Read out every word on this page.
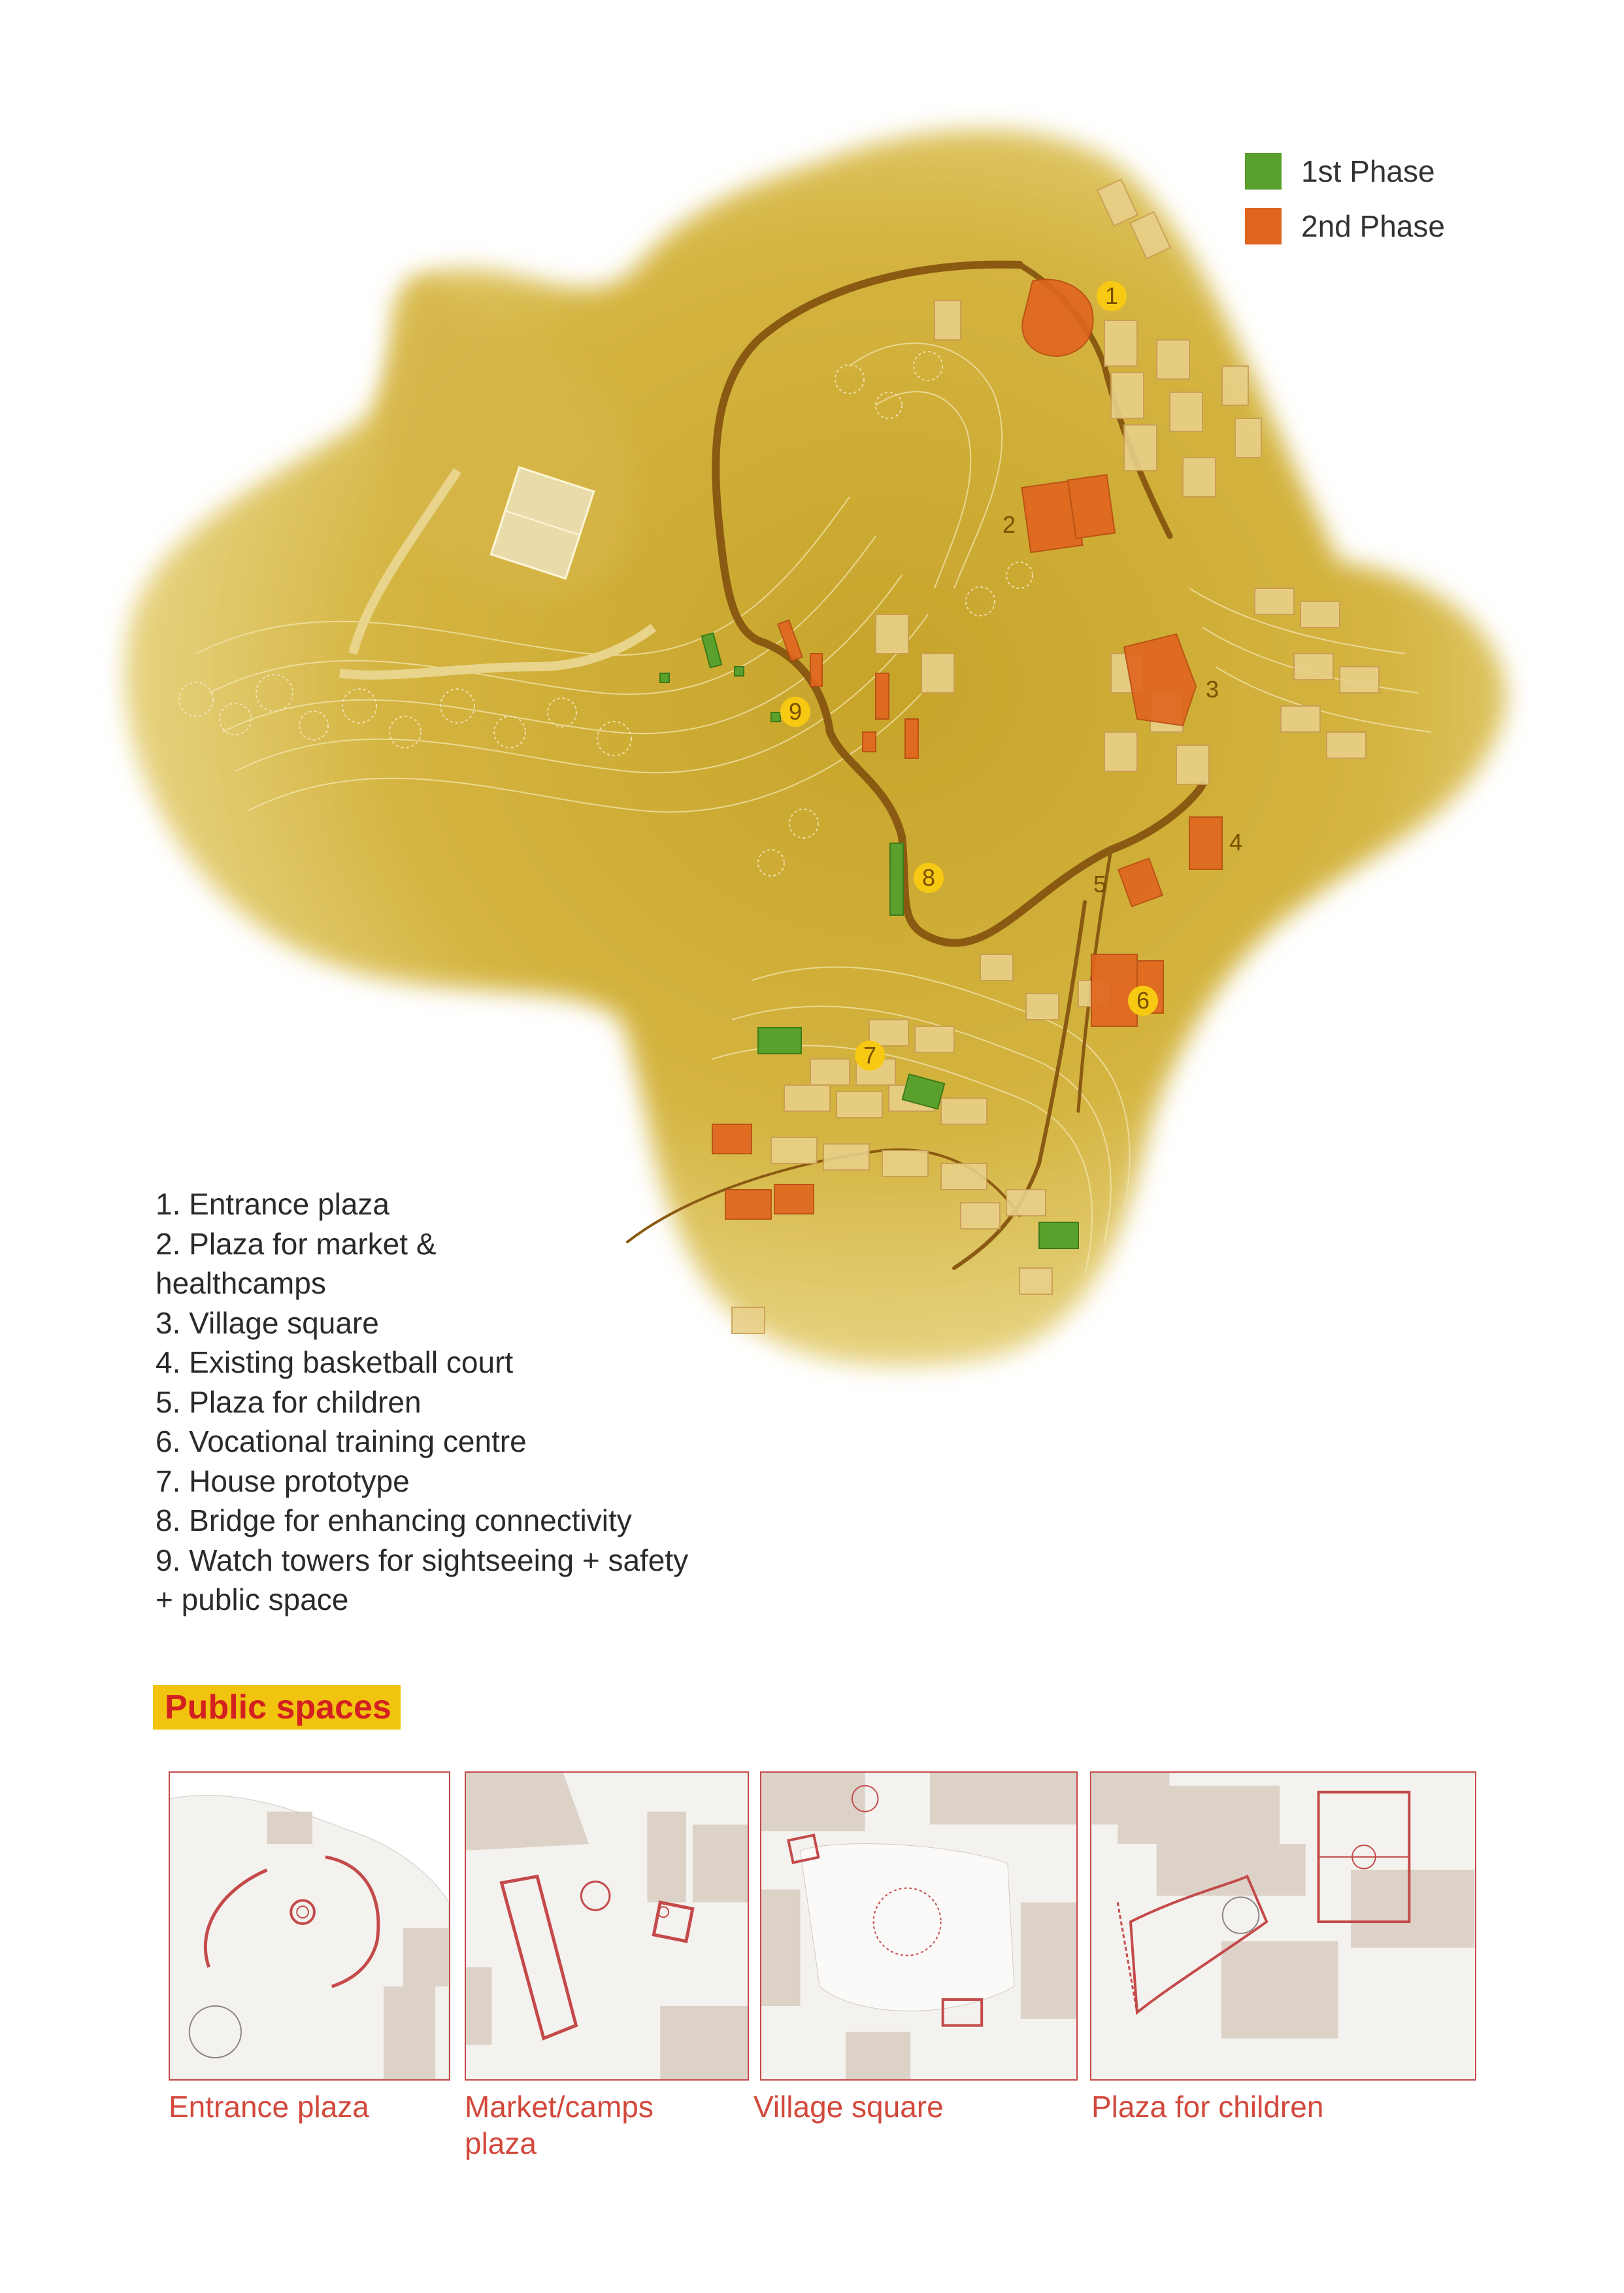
1
2
3
4
5
6
7
8
9
1st Phase
2nd Phase
1. Entrance plaza
2. Plaza for market &
healthcamps
3. Village square
4. Existing basketball court
5. Plaza for children
6. Vocational training centre
7. House prototype
8. Bridge for enhancing connectivity
9. Watch towers for sightseeing + safety
+ public space
Public spaces
Entrance plaza	Market/camps
plaza
Village square	Plaza for children
